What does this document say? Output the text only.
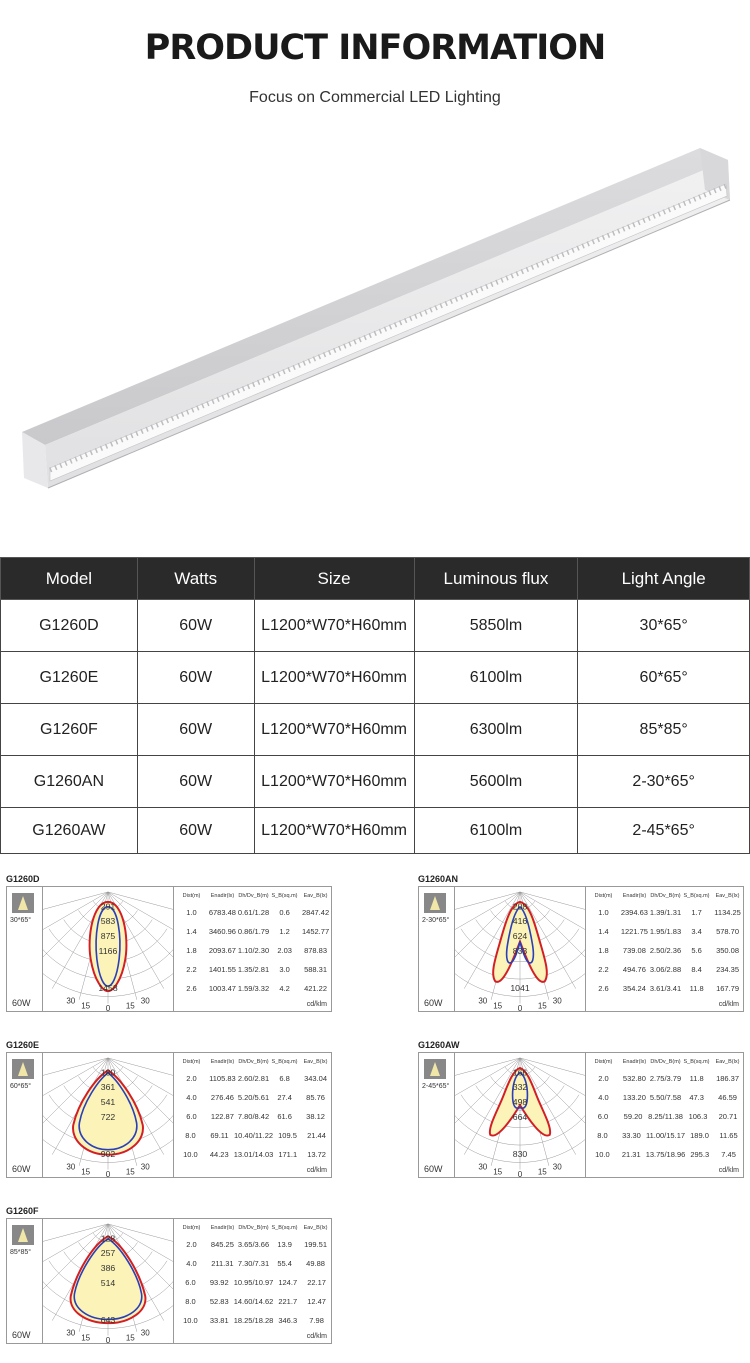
PRODUCT INFORMATION
Focus on Commercial LED Lighting
Model	Watts	Size	Luminous flux	Light Angle
G1260D	60W	L1200*W70*H60mm	5850lm	30*65°
G1260E	60W	L1200*W70*H60mm	6100lm	60*65°
G1260F	60W	L1200*W70*H60mm	6300lm	85*85°
G1260AN	60W	L1200*W70*H60mm	5600lm	2-30*65°
G1260AW	60W	L1200*W70*H60mm	6100lm	2-45*65°
G1260D
30*65°
60W
291
583
875
1166
1458
30
15 0 15
30
Dist(m)	Enadir(lx) Dh/Dv_B(m) S_B(sq.m)	Eav_B(lx)
1.0	6783.48 0.61/1.28	0.6	2847.42
1.4	3460.96 0.86/1.79	1.2	1452.77
1.8	2093.67 1.10/2.30	2.03	878.83
2.2	1401.55 1.35/2.81	3.0	588.31
2.6	1003.47 1.59/3.32	4.2	421.22
cd/klm
G1260AN
2-30*65°
60W
208
416
624
833
1041
30
15 0 15
30
Dist(m)	Enadir(lx) Dh/Dv_B(m) S_B(sq.m)	Eav_B(lx)
1.0	2394.63 1.39/1.31	1.7	1134.25
1.4	1221.75 1.95/1.83	3.4	578.70
1.8	739.08 2.50/2.36	5.6	350.08
2.2	494.76 3.06/2.88	8.4	234.35
2.6	354.24 3.61/3.41	11.8	167.79
cd/klm
G1260E
60*65°
60W
180
361
541
722
902
30
15 0 15
30
Dist(m)	Enadir(lx) Dh/Dv_B(m) S_B(sq.m)	Eav_B(lx)
2.0	1105.83 2.60/2.81	6.8	343.04
4.0	276.46 5.20/5.61	27.4	85.76
6.0	122.87 7.80/8.42	61.6	38.12
8.0	69.11 10.40/11.22 109.5	21.44
10.0	44.23 13.01/14.03 171.1	13.72
cd/klm
G1260AW
2-45*65°
60W
166
332
498
664
830
30
15 0 15
30
Dist(m)	Enadir(lx) Dh/Dv_B(m) S_B(sq.m)	Eav_B(lx)
2.0	532.80 2.75/3.79	11.8	186.37
4.0	133.20 5.50/7.58	47.3	46.59
6.0	59.20 8.25/11.38 106.3	20.71
8.0	33.30 11.00/15.17 189.0	11.65
10.0	21.31 13.75/18.96 295.3	7.45
cd/klm
G1260F
85*85°
60W
128
257
386
514
643
30
15 0 15
30
Dist(m)	Enadir(lx) Dh/Dv_B(m) S_B(sq.m)	Eav_B(lx)
2.0	845.25 3.65/3.66	13.9	199.51
4.0	211.31 7.30/7.31	55.4	49.88
6.0	93.92 10.95/10.97 124.7	22.17
8.0	52.83 14.60/14.62 221.7	12.47
10.0	33.81 18.25/18.28 346.3	7.98
cd/klm
